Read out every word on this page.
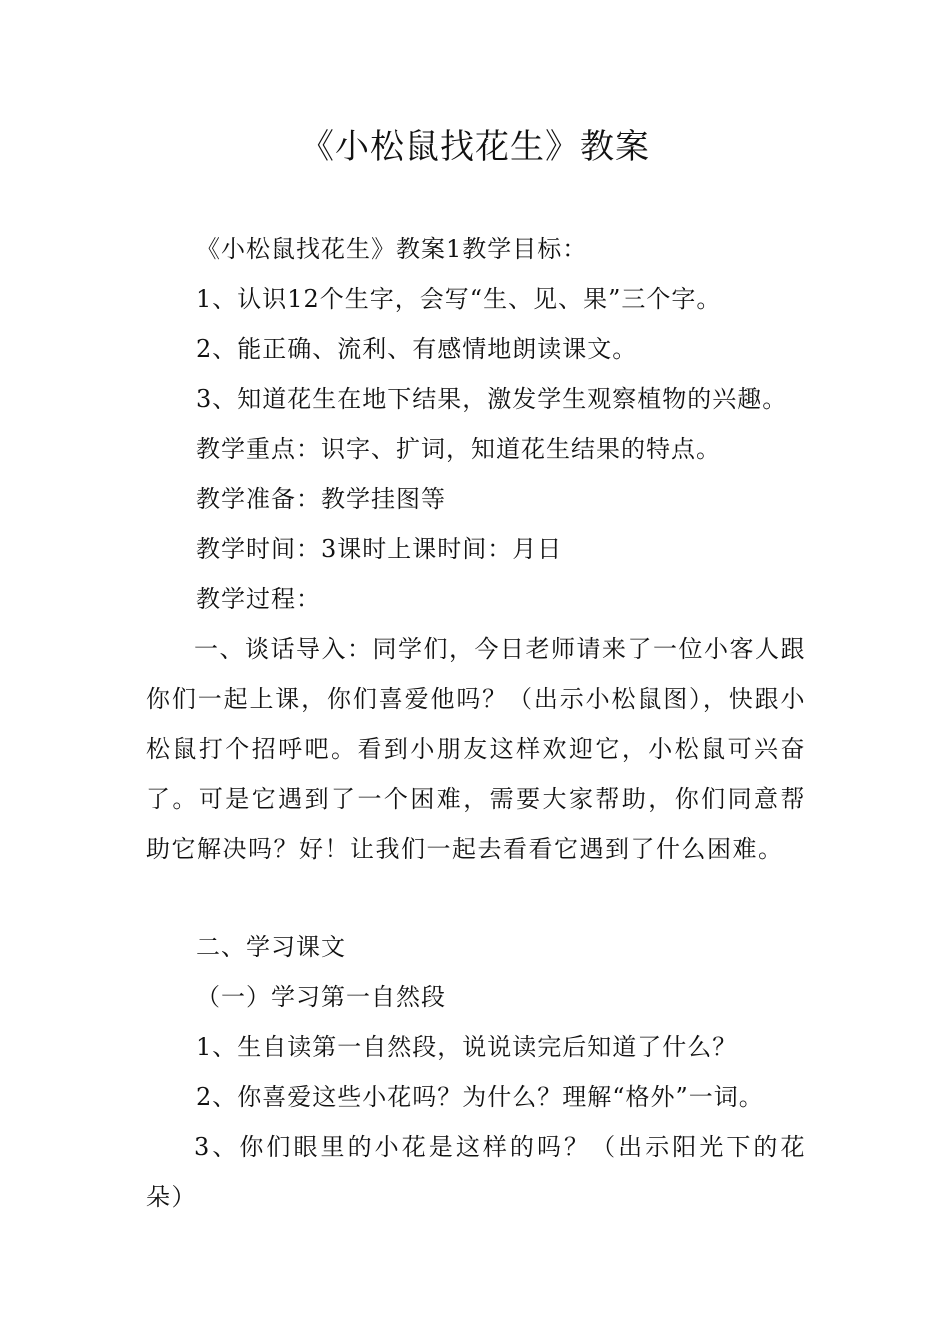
《小松鼠找花生》教案
《小松鼠找花生》教案1教学目标：
1、认识12个生字，会写“生、见、果”三个字。
2、能正确、流利、有感情地朗读课文。
3、知道花生在地下结果，激发学生观察植物的兴趣。
教学重点：识字、扩词，知道花生结果的特点。
教学准备：教学挂图等
教学时间：3课时上课时间：月日
教学过程：
一、谈话导入：同学们，今日老师请来了一位小客人跟你们一起上课，你们喜爱他吗？（出示小松鼠图），快跟小松鼠打个招呼吧。看到小朋友这样欢迎它，小松鼠可兴奋了。可是它遇到了一个困难，需要大家帮助，你们同意帮助它解决吗？好！让我们一起去看看它遇到了什么困难。
二、学习课文
（一）学习第一自然段
1、生自读第一自然段，说说读完后知道了什么？
2、你喜爱这些小花吗？为什么？理解“格外”一词。
3、你们眼里的小花是这样的吗？（出示阳光下的花朵）
